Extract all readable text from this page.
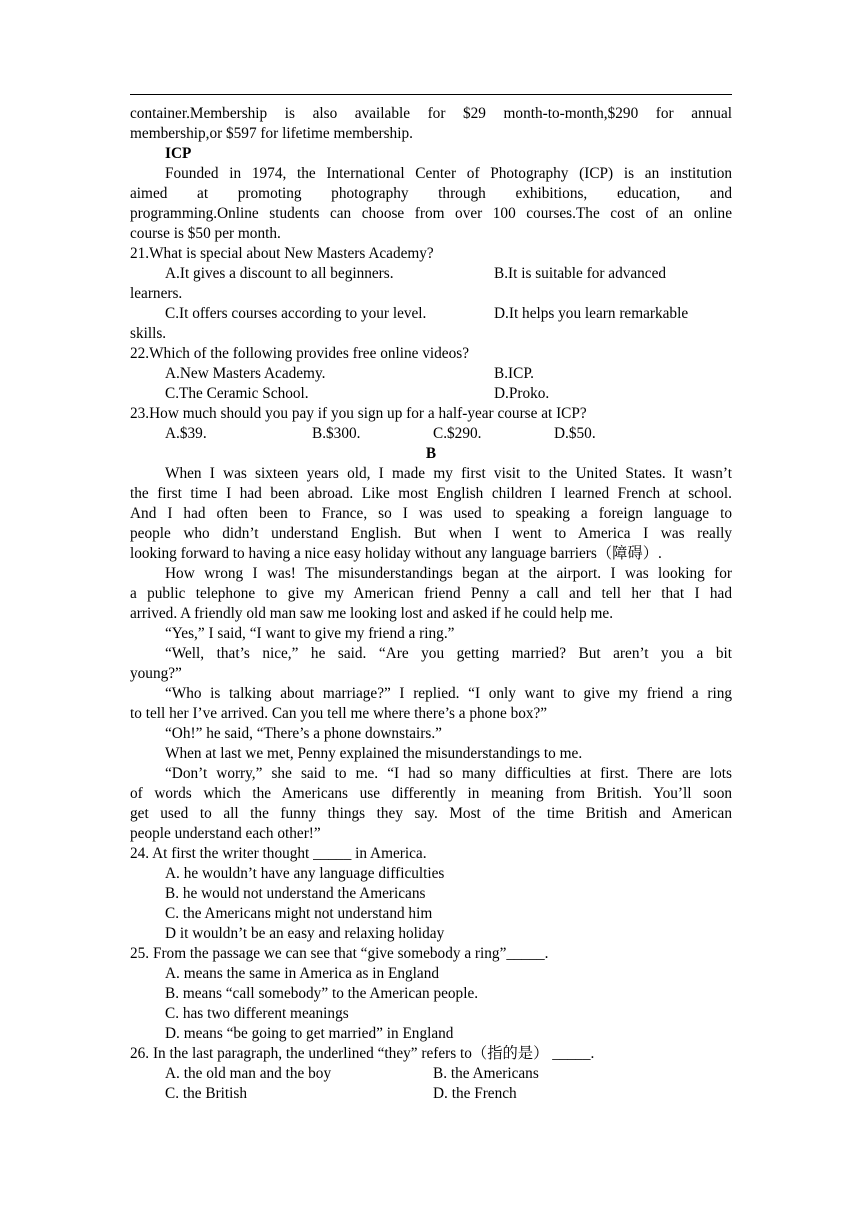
container.Membership is also available for $29 month-to-month,$290 for annual
membership,or $597 for lifetime membership.
ICP
Founded in 1974, the International Center of Photography (ICP) is an institution
aimed at promoting photography through exhibitions, education, and
programming.Online students can choose from over 100 courses.The cost of an online
course is $50 per month.
21.What is special about New Masters Academy?
A.It gives a discount to all beginners.	B.It is suitable for advanced
learners.
C.It offers courses according to your level.	D.It helps you learn remarkable
skills.
22.Which of the following provides free online videos?
A.New Masters Academy.	B.ICP.
C.The Ceramic School.	D.Proko.
23.How much should you pay if you sign up for a half-year course at ICP?
A.$39.	B.$300.	C.$290.	D.$50.
B
When I was sixteen years old, I made my first visit to the United States. It wasn’t
the first time I had been abroad. Like most English children I learned French at school.
And I had often been to France, so I was used to speaking a foreign language to
people who didn’t understand English. But when I went to America I was really
looking forward to having a nice easy holiday without any language barriers（障碍）.
How wrong I was! The misunderstandings began at the airport. I was looking for
a public telephone to give my American friend Penny a call and tell her that I had
arrived. A friendly old man saw me looking lost and asked if he could help me.
“Yes,” I said, “I want to give my friend a ring.”
“Well, that’s nice,” he said. “Are you getting married? But aren’t you a bit
young?”
“Who is talking about marriage?” I replied. “I only want to give my friend a ring
to tell her I’ve arrived. Can you tell me where there’s a phone box?”
“Oh!” he said, “There’s a phone downstairs.”
When at last we met, Penny explained the misunderstandings to me.
“Don’t worry,” she said to me. “I had so many difficulties at first. There are lots
of words which the Americans use differently in meaning from British. You’ll soon
get used to all the funny things they say. Most of the time British and American
people understand each other!”
24. At first the writer thought _____ in America.
A. he wouldn’t have any language difficulties
B. he would not understand the Americans
C. the Americans might not understand him
D it wouldn’t be an easy and relaxing holiday
25. From the passage we can see that “give somebody a ring”_____.
A. means the same in America as in England
B. means “call somebody” to the American people.
C. has two different meanings
D. means “be going to get married” in England
26. In the last paragraph, the underlined “they” refers to（指的是） _____.
A. the old man and the boy	B. the Americans
C. the British	D. the French
